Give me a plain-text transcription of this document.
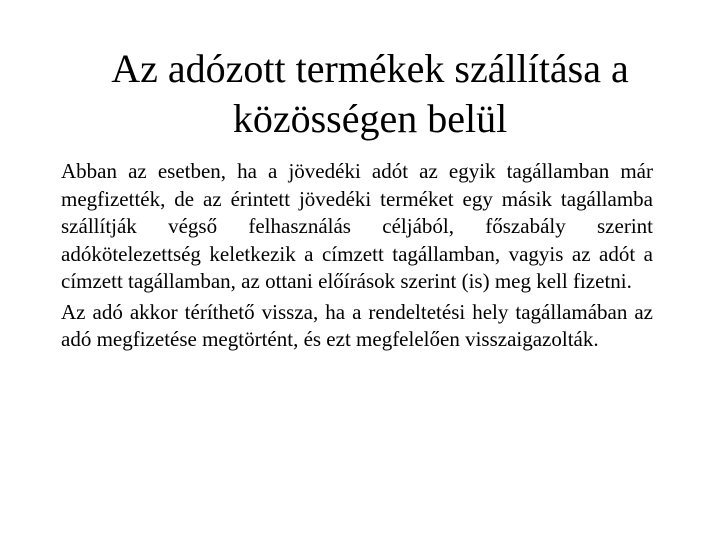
Az adózott termékek szállítása a közösségen belül

Abban az esetben, ha a jövedéki adót az egyik tagállamban már megfizették, de az érintett jövedéki terméket egy másik tagállamba szállítják végső felhasználás céljából, főszabály szerint adókötelezettség keletkezik a címzett tagállamban, vagyis az adót a címzett tagállamban, az ottani előírások szerint (is) meg kell fizetni.

Az adó akkor téríthető vissza, ha a rendeltetési hely tagállamában az adó megfizetése megtörtént, és ezt megfelelően visszaigazolták.
